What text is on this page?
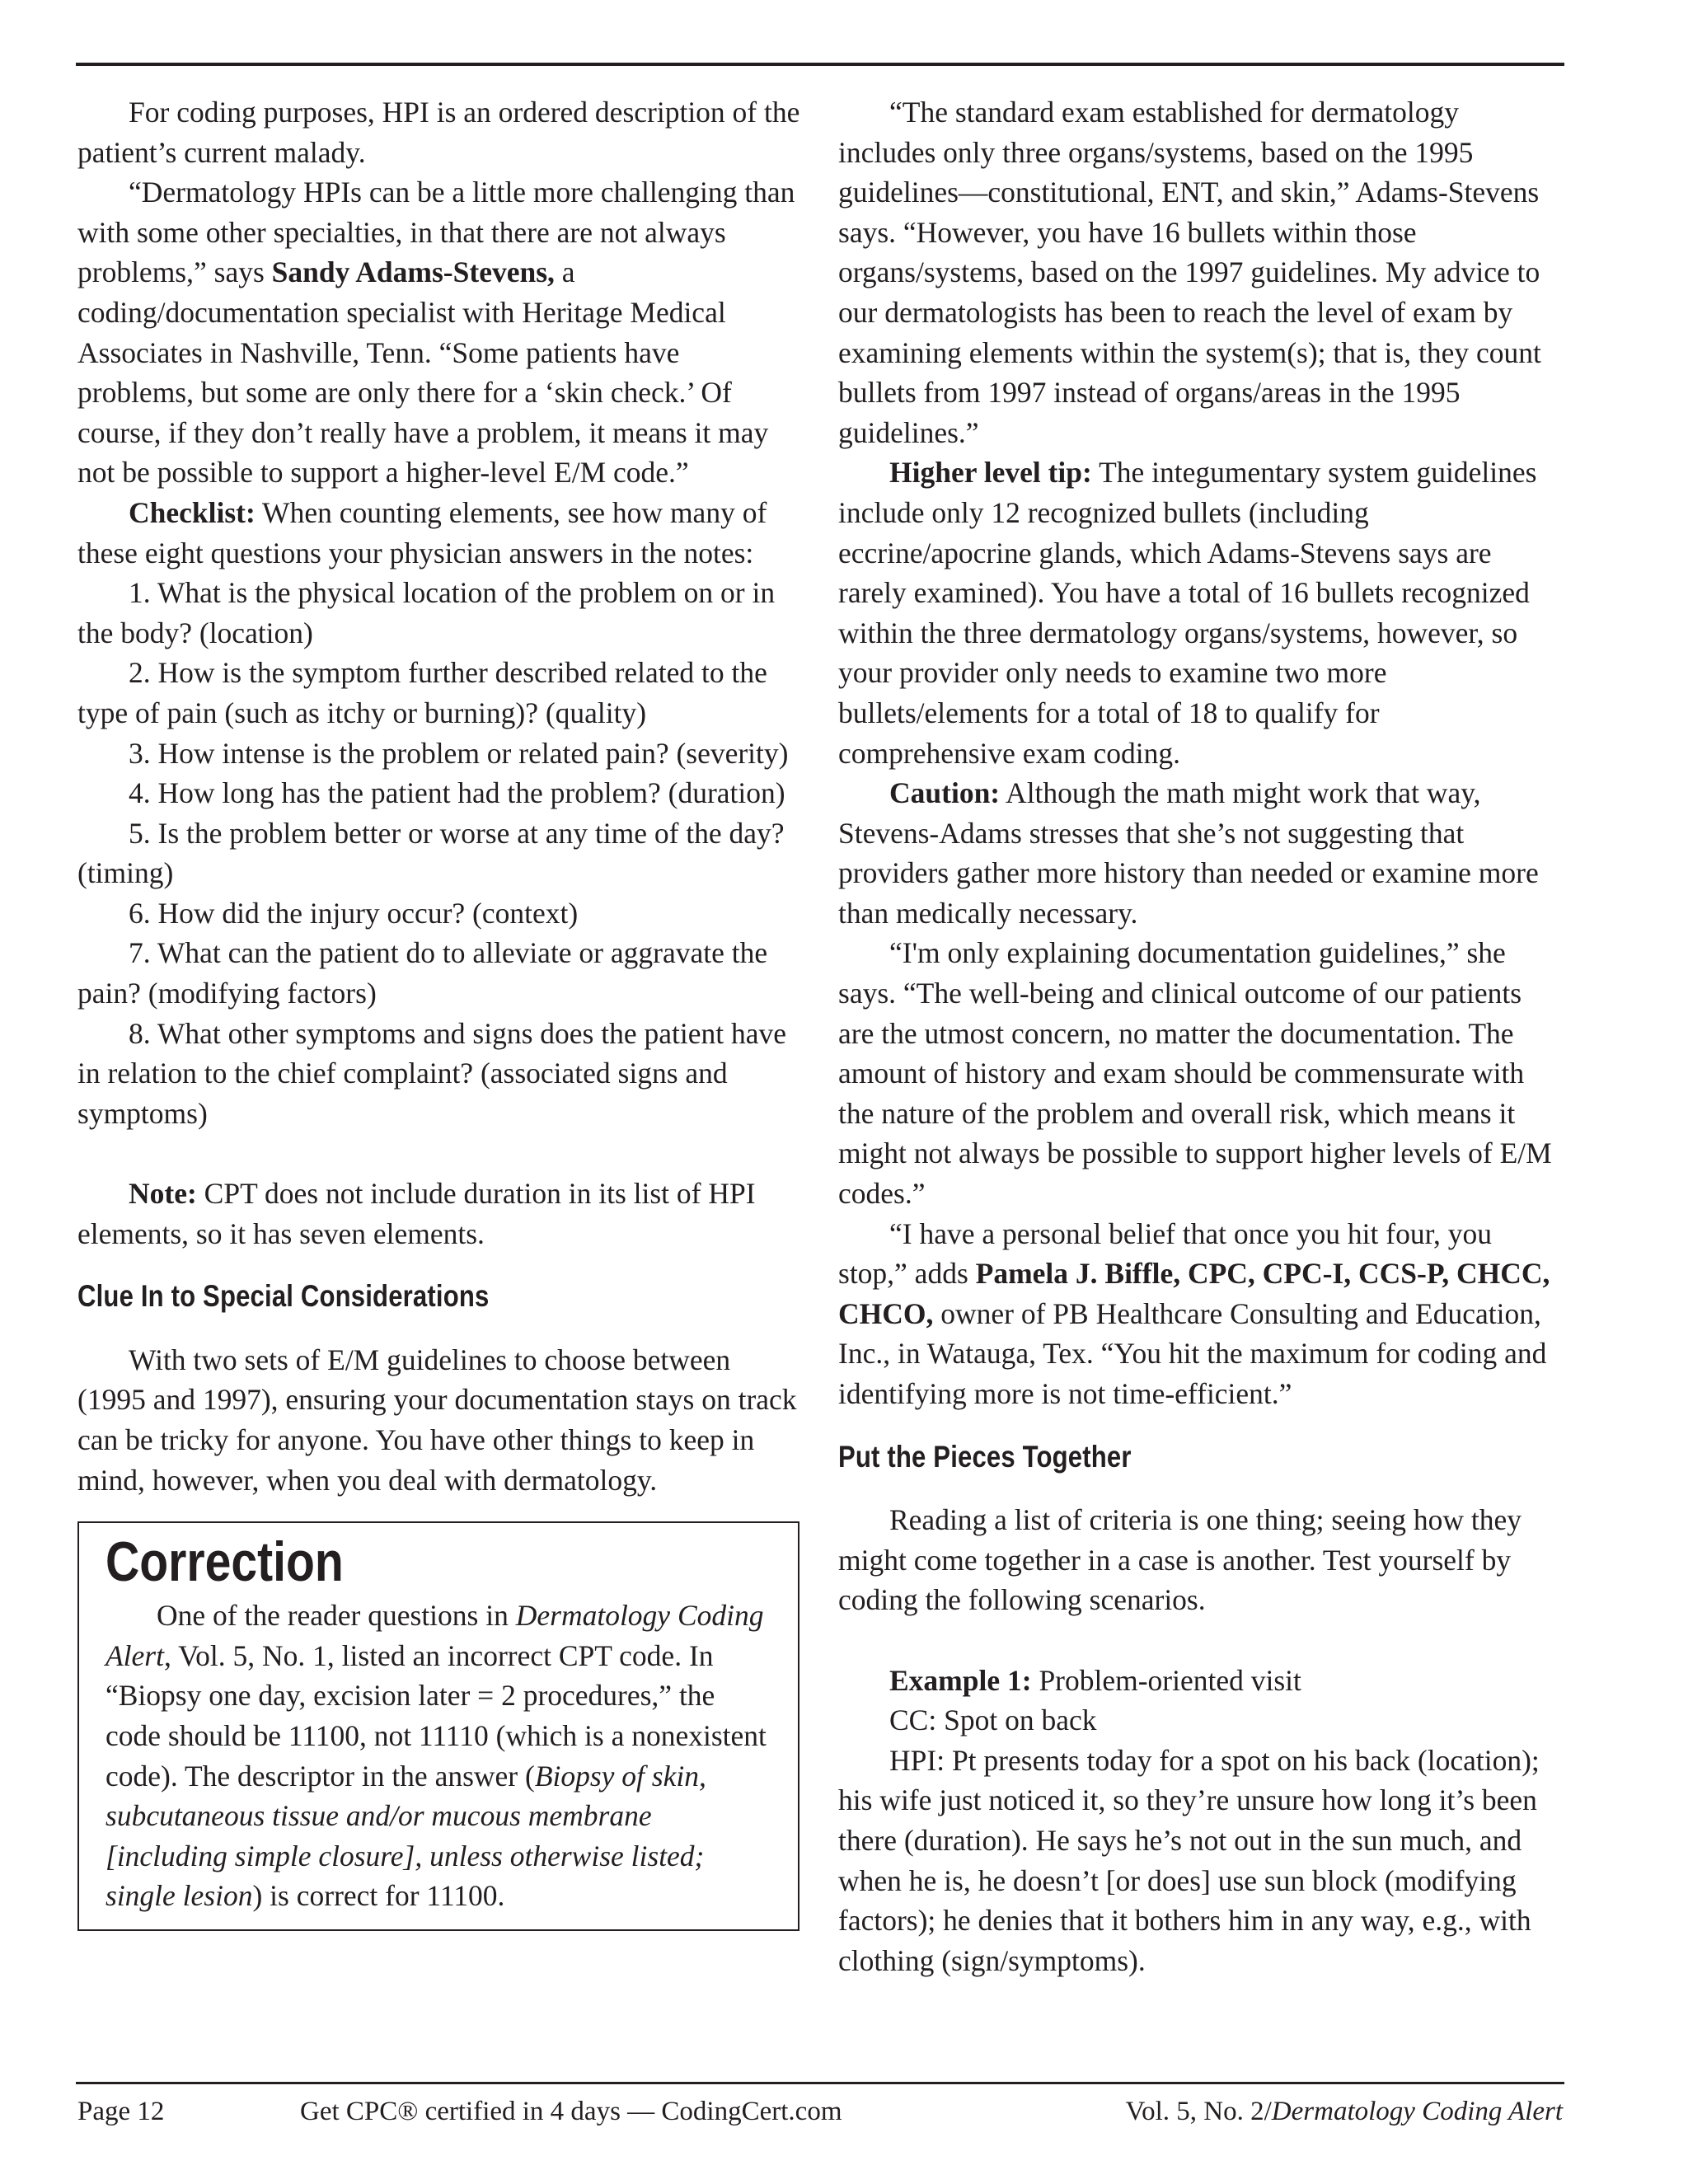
For coding purposes, HPI is an ordered description of the patient’s current malady.

“Dermatology HPIs can be a little more challenging than with some other specialties, in that there are not always problems,” says Sandy Adams-Stevens, a coding/documentation specialist with Heritage Medical Associates in Nashville, Tenn. “Some patients have problems, but some are only there for a ‘skin check.’ Of course, if they don’t really have a problem, it means it may not be possible to support a higher-level E/M code.”

Checklist: When counting elements, see how many of these eight questions your physician answers in the notes:

1. What is the physical location of the problem on or in the body? (location)

2. How is the symptom further described related to the type of pain (such as itchy or burning)? (quality)

3. How intense is the problem or related pain? (severity)

4. How long has the patient had the problem? (duration)

5. Is the problem better or worse at any time of the day? (timing)

6. How did the injury occur? (context)

7. What can the patient do to alleviate or aggravate the pain? (modifying factors)

8. What other symptoms and signs does the patient have in relation to the chief complaint? (associated signs and symptoms)

Note: CPT does not include duration in its list of HPI elements, so it has seven elements.

Clue In to Special Considerations

With two sets of E/M guidelines to choose between (1995 and 1997), ensuring your documentation stays on track can be tricky for anyone. You have other things to keep in mind, however, when you deal with dermatology.

Correction

One of the reader questions in Dermatology Coding Alert, Vol. 5, No. 1, listed an incorrect CPT code. In “Biopsy one day, excision later = 2 procedures,” the code should be 11100, not 11110 (which is a nonexistent code). The descriptor in the answer (Biopsy of skin, subcutaneous tissue and/or mucous membrane [including simple closure], unless otherwise listed; single lesion) is correct for 11100.

“The standard exam established for dermatology includes only three organs/systems, based on the 1995 guidelines—constitutional, ENT, and skin,” Adams-Stevens says. “However, you have 16 bullets within those organs/systems, based on the 1997 guidelines. My advice to our dermatologists has been to reach the level of exam by examining elements within the system(s); that is, they count bullets from 1997 instead of organs/areas in the 1995 guidelines.”

Higher level tip: The integumentary system guidelines include only 12 recognized bullets (including eccrine/apocrine glands, which Adams-Stevens says are rarely examined). You have a total of 16 bullets recognized within the three dermatology organs/systems, however, so your provider only needs to examine two more bullets/elements for a total of 18 to qualify for comprehensive exam coding.

Caution: Although the math might work that way, Stevens-Adams stresses that she’s not suggesting that providers gather more history than needed or examine more than medically necessary.

“I'm only explaining documentation guidelines,” she says. “The well-being and clinical outcome of our patients are the utmost concern, no matter the documentation. The amount of history and exam should be commensurate with the nature of the problem and overall risk, which means it might not always be possible to support higher levels of E/M codes.”

“I have a personal belief that once you hit four, you stop,” adds Pamela J. Biffle, CPC, CPC-I, CCS-P, CHCC, CHCO, owner of PB Healthcare Consulting and Education, Inc., in Watauga, Tex. “You hit the maximum for coding and identifying more is not time-efficient.”

Put the Pieces Together

Reading a list of criteria is one thing; seeing how they might come together in a case is another. Test yourself by coding the following scenarios.

Example 1: Problem-oriented visit

CC: Spot on back

HPI: Pt presents today for a spot on his back (location); his wife just noticed it, so they’re unsure how long it’s been there (duration). He says he’s not out in the sun much, and when he is, he doesn’t [or does] use sun block (modifying factors); he denies that it bothers him in any way, e.g., with clothing (sign/symptoms).

Page 12	Get CPC® certified in 4 days — CodingCert.com	Vol. 5, No. 2/Dermatology Coding Alert
